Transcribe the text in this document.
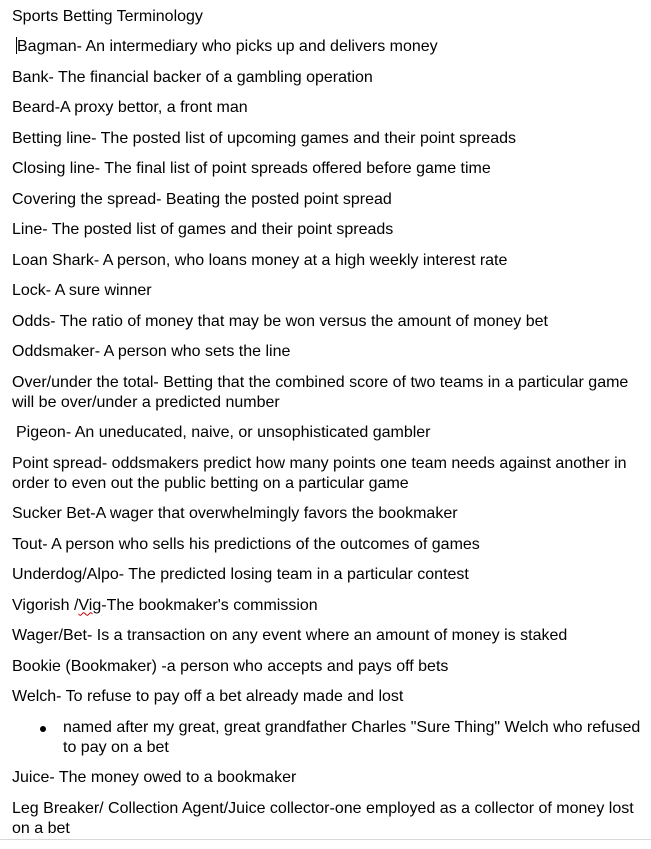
Sports Betting Terminology
Bagman- An intermediary who picks up and delivers money
Bank- The financial backer of a gambling operation
Beard-A proxy bettor, a front man
Betting line- The posted list of upcoming games and their point spreads
Closing line- The final list of point spreads offered before game time
Covering the spread- Beating the posted point spread
Line- The posted list of games and their point spreads
Loan Shark- A person, who loans money at a high weekly interest rate
Lock- A sure winner
Odds- The ratio of money that may be won versus the amount of money bet
Oddsmaker- A person who sets the line
Over/under the total- Betting that the combined score of two teams in a particular game will be over/under a predicted number
Pigeon- An uneducated, naive, or unsophisticated gambler
Point spread- oddsmakers predict how many points one team needs against another in order to even out the public betting on a particular game
Sucker Bet-A wager that overwhelmingly favors the bookmaker
Tout- A person who sells his predictions of the outcomes of games
Underdog/Alpo- The predicted losing team in a particular contest
Vigorish /Vig-The bookmaker's commission
Wager/Bet- Is a transaction on any event where an amount of money is staked
Bookie (Bookmaker) -a person who accepts and pays off bets
Welch- To refuse to pay off a bet already made and lost
named after my great, great grandfather Charles "Sure Thing" Welch who refused to pay on a bet
Juice- The money owed to a bookmaker
Leg Breaker/ Collection Agent/Juice collector-one employed as a collector of money lost on a bet
